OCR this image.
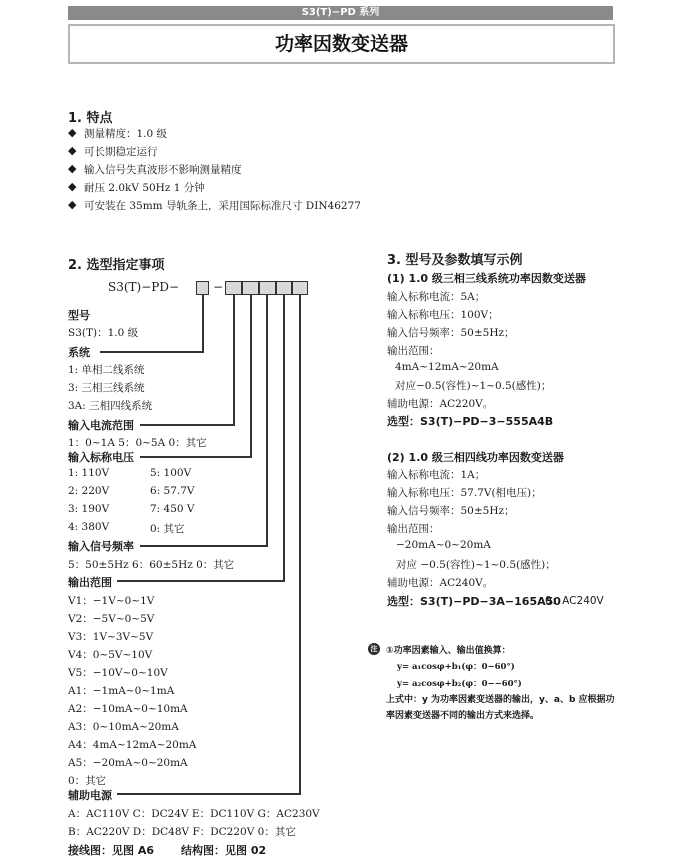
S3(T)−PD 系列
功率因数变送器
1. 特点
◆ 测量精度：1.0 级
◆ 可长期稳定运行
◆ 输入信号失真波形不影响测量精度
◆ 耐压 2.0kV 50Hz 1 分钟
◆ 可安装在 35mm 导轨条上，采用国际标准尺寸 DIN46277
2. 选型指定事项
S3(T)−PD−	−
型号
S3(T)：1.0 级
系统
1: 单相二线系统
3: 三相三线系统
3A: 三相四线系统
输入电流范围
1：0~1A 5：0~5A 0：其它
输入标称电压
1: 110V
2: 220V
3: 190V
4: 380V
5: 100V
6: 57.7V
7: 450 V
0: 其它
输入信号频率
5：50±5Hz 6：60±5Hz 0：其它
输出范围
V1：−1V~0~1V
V2：−5V~0~5V
V3：1V~3V~5V
V4：0~5V~10V
V5：−10V~0~10V
A1：−1mA~0~1mA
A2：−10mA~0~10mA
A3：0~10mA~20mA
A4：4mA~12mA~20mA
A5：−20mA~0~20mA
0：其它
辅助电源
A：AC110V C：DC24V E：DC110V G：AC230V
B：AC220V D：DC48V F：DC220V 0：其它
接线图：见图 A6 结构图：见图 02
3. 型号及参数填写示例
(1) 1.0 级三相三线系统功率因数变送器
输入标称电流：5A；
输入标称电压：100V；
输入信号频率：50±5Hz；
输出范围：
4mA~12mA~20mA
对应−0.5(容性)~1~0.5(感性)；
辅助电源：AC220V。
选型：S3(T)−PD−3−555A4B
(2) 1.0 级三相四线功率因数变送器
输入标称电流：1A；
输入标称电压：57.7V(相电压)；
输入信号频率：50±5Hz；
输出范围：
−20mA~0~20mA
对应 −0.5(容性)~1~0.5(感性)；
辅助电源：AC240V。
选型：S3(T)−PD−3A−165A50
0：AC240V
注 ①功率因素输入、输出值换算：
y= a₁cosφ+b₁(φ：0−60°)
y= a₂cosφ+b₂(φ：0−−60°)
上式中：y 为功率因素变送器的输出，y、a、b 应根据功
率因素变送器不同的输出方式来选择。
